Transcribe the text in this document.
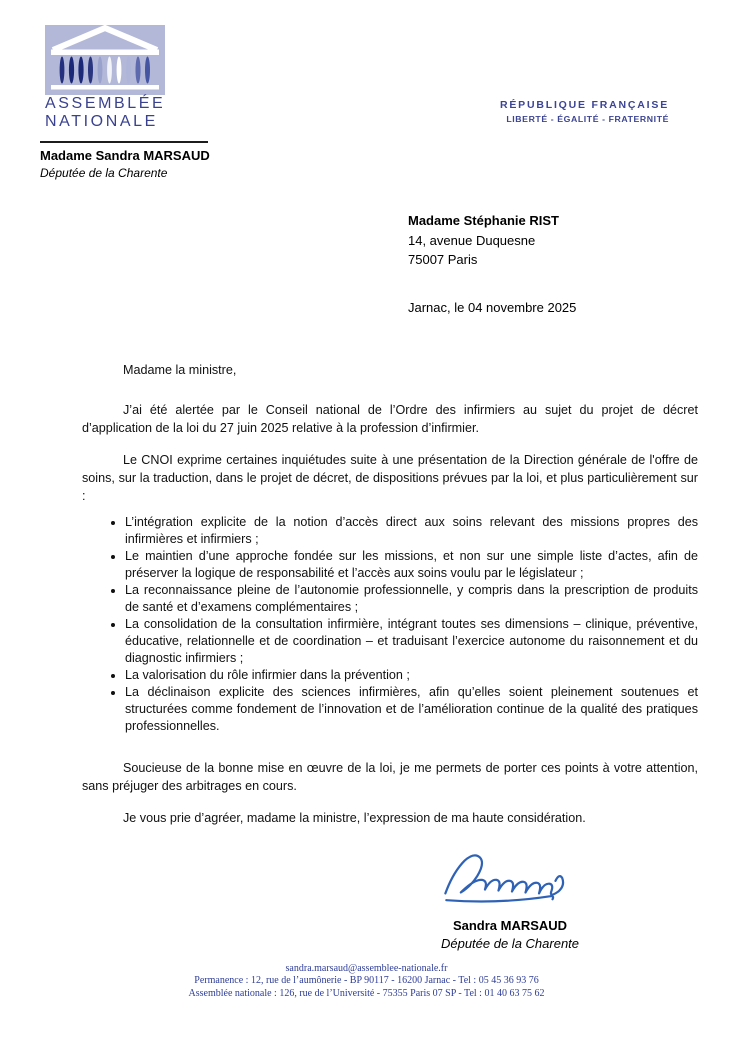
ASSEMBLÉE
NATIONALE
Madame Sandra MARSAUD
Députée de la Charente
RÉPUBLIQUE FRANÇAISE
LIBERTÉ - ÉGALITÉ - FRATERNITÉ
Madame Stéphanie RIST
14, avenue Duquesne
75007 Paris
Jarnac, le 04 novembre 2025

Madame la ministre,

J’ai été alertée par le Conseil national de l’Ordre des infirmiers au sujet du projet de décret d’application de la loi du 27 juin 2025 relative à la profession d’infirmier.

Le CNOI exprime certaines inquiétudes suite à une présentation de la Direction générale de l'offre de soins, sur la traduction, dans le projet de décret, de dispositions prévues par la loi, et plus particulièrement sur :

• L’intégration explicite de la notion d’accès direct aux soins relevant des missions propres des infirmières et infirmiers ;
• Le maintien d’une approche fondée sur les missions, et non sur une simple liste d’actes, afin de préserver la logique de responsabilité et l’accès aux soins voulu par le législateur ;
• La reconnaissance pleine de l’autonomie professionnelle, y compris dans la prescription de produits de santé et d’examens complémentaires ;
• La consolidation de la consultation infirmière, intégrant toutes ses dimensions – clinique, préventive, éducative, relationnelle et de coordination – et traduisant l’exercice autonome du raisonnement et du diagnostic infirmiers ;
• La valorisation du rôle infirmier dans la prévention ;
• La déclinaison explicite des sciences infirmières, afin qu’elles soient pleinement soutenues et structurées comme fondement de l’innovation et de l’amélioration continue de la qualité des pratiques professionnelles.

Soucieuse de la bonne mise en œuvre de la loi, je me permets de porter ces points à votre attention, sans préjuger des arbitrages en cours.

Je vous prie d’agréer, madame la ministre, l’expression de ma haute considération.

Sandra MARSAUD
Députée de la Charente
sandra.marsaud@assemblee-nationale.fr
Permanence : 12, rue de l’aumônerie - BP 90117 - 16200 Jarnac - Tel : 05 45 36 93 76
Assemblée nationale : 126, rue de l’Université - 75355 Paris 07 SP - Tel : 01 40 63 75 62
